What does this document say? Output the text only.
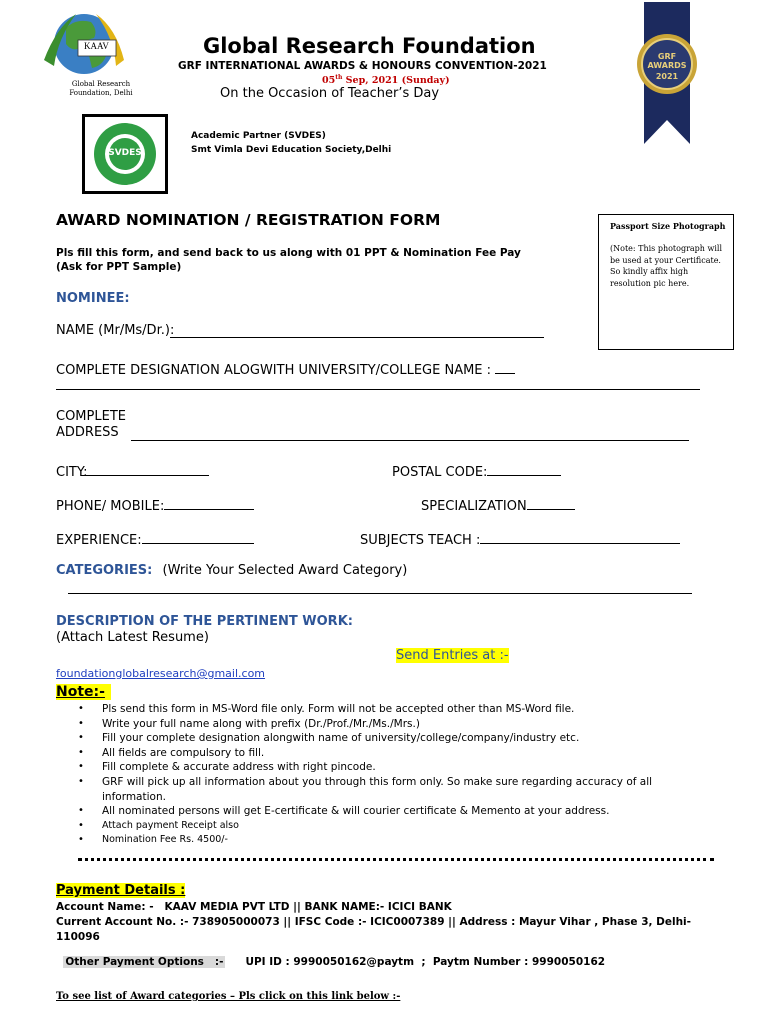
KAAV
Global Research Foundation, Delhi
Global Research Foundation
GRF INTERNATIONAL AWARDS & HONOURS CONVENTION-2021
05th Sep, 2021 (Sunday)
On the Occasion of Teacher’s Day
GRF AWARDS
2021
SVDES
Academic Partner (SVDES)
Smt Vimla Devi Education Society,Delhi
Passport Size Photograph
(Note: This photograph will be used at your Certificate. So kindly affix high resolution pic here.
AWARD NOMINATION / REGISTRATION FORM
Pls fill this form, and send back to us along with 01 PPT & Nomination Fee Pay
(Ask for PPT Sample)
NOMINEE:
NAME (Mr/Ms/Dr.):
COMPLETE DESIGNATION ALOGWITH UNIVERSITY/COLLEGE NAME :
COMPLETE
ADDRESS
CITY:	POSTAL CODE:
PHONE/ MOBILE:	SPECIALIZATION
EXPERIENCE:	SUBJECTS TEACH :
CATEGORIES: (Write Your Selected Award Category)
DESCRIPTION OF THE PERTINENT WORK:
(Attach Latest Resume)
Send Entries at :-
foundationglobalresearch@gmail.com
Note:-
• Pls send this form in MS-Word file only. Form will not be accepted other than MS-Word file.
• Write your full name along with prefix (Dr./Prof./Mr./Ms./Mrs.)
• Fill your complete designation alongwith name of university/college/company/industry etc.
• All fields are compulsory to fill.
• Fill complete & accurate address with right pincode.
• GRF will pick up all information about you through this form only. So make sure regarding accuracy of all information.
• All nominated persons will get E-certificate & will courier certificate & Memento at your address.
• Attach payment Receipt also
• Nomination Fee Rs. 4500/-
Payment Details :
Account Name: -   KAAV MEDIA PVT LTD || BANK NAME:- ICICI BANK
Current Account No. :- 738905000073 || IFSC Code :- ICIC0007389 || Address : Mayur Vihar , Phase 3, Delhi-110096

Other Payment Options   :- UPI ID : 9990050162@paytm  ;  Paytm Number : 9990050162

To see list of Award categories – Pls click on this link below :-
